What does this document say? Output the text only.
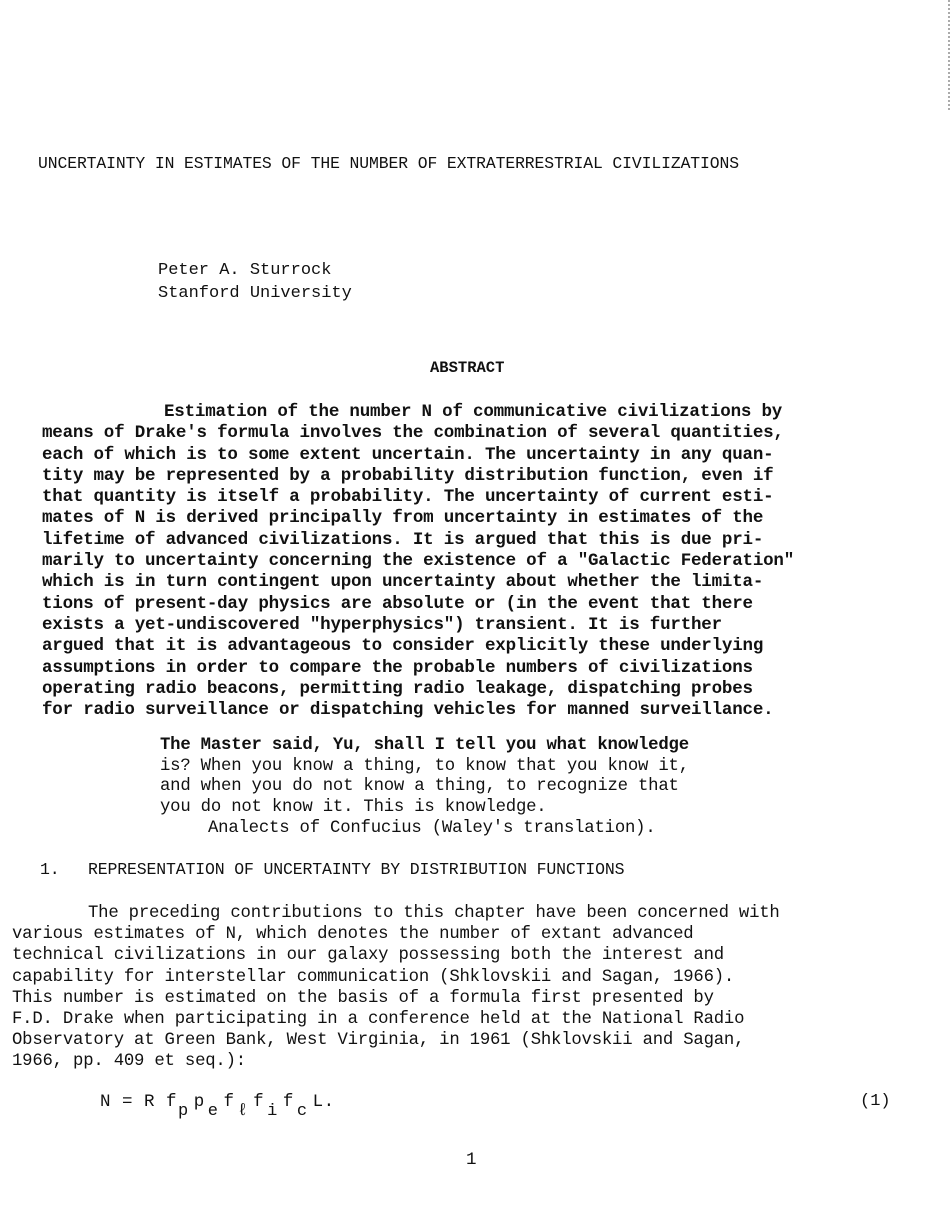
UNCERTAINTY IN ESTIMATES OF THE NUMBER OF EXTRATERRESTRIAL CIVILIZATIONS
Peter A. Sturrock
Stanford University
ABSTRACT
Estimation of the number N of communicative civilizations by
means of Drake's formula involves the combination of several quantities,
each of which is to some extent uncertain. The uncertainty in any quan-
tity may be represented by a probability distribution function, even if
that quantity is itself a probability. The uncertainty of current esti-
mates of N is derived principally from uncertainty in estimates of the
lifetime of advanced civilizations. It is argued that this is due pri-
marily to uncertainty concerning the existence of a "Galactic Federation"
which is in turn contingent upon uncertainty about whether the limita-
tions of present-day physics are absolute or (in the event that there
exists a yet-undiscovered "hyperphysics") transient. It is further
argued that it is advantageous to consider explicitly these underlying
assumptions in order to compare the probable numbers of civilizations
operating radio beacons, permitting radio leakage, dispatching probes
for radio surveillance or dispatching vehicles for manned surveillance.
The Master said, Yu, shall I tell you what knowledge
is? When you know a thing, to know that you know it,
and when you do not know a thing, to recognize that
you do not know it. This is knowledge.
Analects of Confucius (Waley's translation).
1. REPRESENTATION OF UNCERTAINTY BY DISTRIBUTION FUNCTIONS
The preceding contributions to this chapter have been concerned with
various estimates of N, which denotes the number of extant advanced
technical civilizations in our galaxy possessing both the interest and
capability for interstellar communication (Shklovskii and Sagan, 1966).
This number is estimated on the basis of a formula first presented by
F.D. Drake when participating in a conference held at the National Radio
Observatory at Green Bank, West Virginia, in 1961 (Shklovskii and Sagan,
1966, pp. 409 et seq.):
N = R fp p e f ℓ f i f c L.	(1)
1
